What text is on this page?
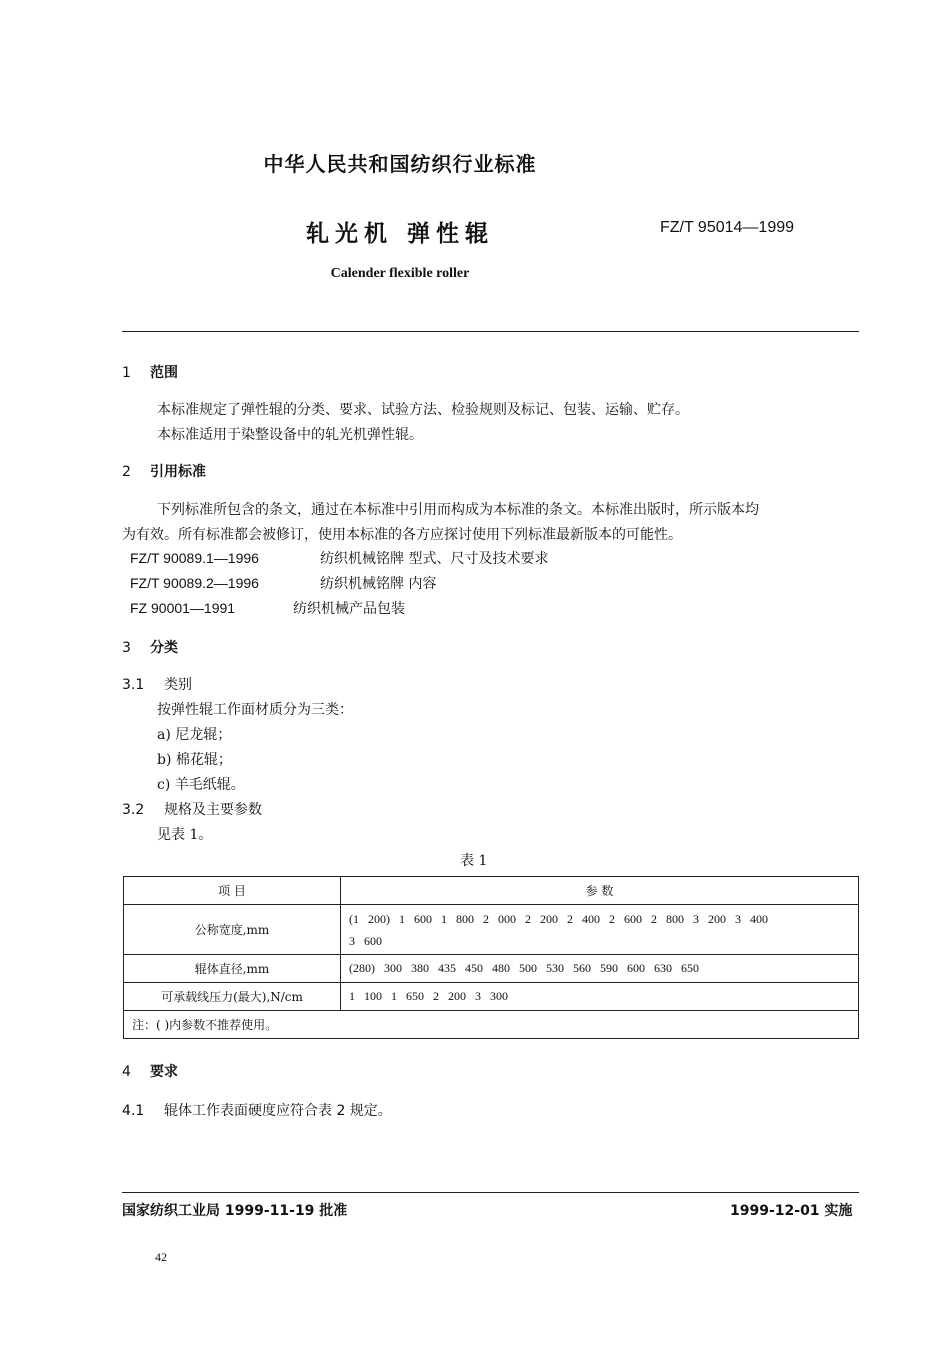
中华人民共和国纺织行业标准
轧光机 弹性辊	FZ/T 95014—1999
Calender flexible roller
1 范围
本标准规定了弹性辊的分类、要求、试验方法、检验规则及标记、包装、运输、贮存。
本标准适用于染整设备中的轧光机弹性辊。
2 引用标准
下列标准所包含的条文，通过在本标准中引用而构成为本标准的条文。本标准出版时，所示版本均
为有效。所有标准都会被修订，使用本标准的各方应探讨使用下列标准最新版本的可能性。
FZ/T 90089.1—1996	纺织机械铭牌 型式、尺寸及技术要求
FZ/T 90089.2—1996	纺织机械铭牌 内容
FZ 90001—1991	纺织机械产品包装
3 分类
3.1 类别
按弹性辊工作面材质分为三类：
a) 尼龙辊；
b) 棉花辊；
c) 羊毛纸辊。
3.2 规格及主要参数
见表 1。
表 1
项 目	参 数
公称宽度,mm	(1 200) 1 600 1 800 2 000 2 200 2 400 2 600 2 800 3 200 3 400
3 600

辊体直径,mm	(280) 300 380 435 450 480 500 530 560 590 600 630 650
可承载线压力(最大),N/cm	1 100 1 650 2 200 3 300
注：( )内参数不推荐使用。	
4 要求
4.1 辊体工作表面硬度应符合表 2 规定。
国家纺织工业局 1999-11-19 批准	1999-12-01 实施
42
